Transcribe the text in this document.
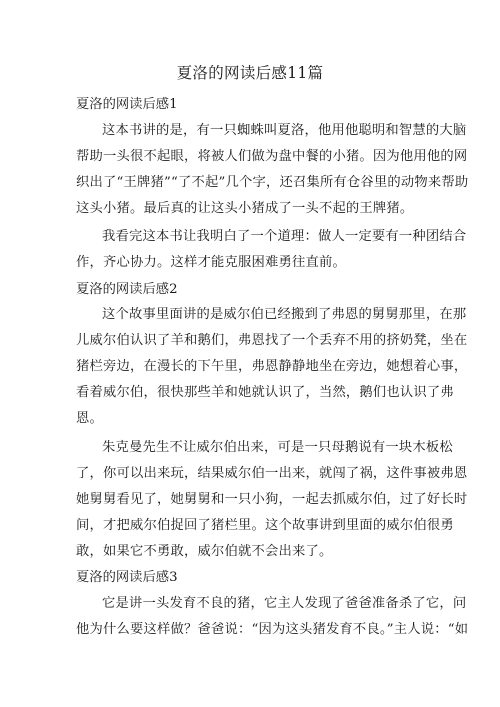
夏洛的网读后感11篇
夏洛的网读后感1
这本书讲的是，有一只蜘蛛叫夏洛，他用他聪明和智慧的大脑
帮助一头很不起眼，将被人们做为盘中餐的小猪。因为他用他的网
织出了“王牌猪”“了不起”几个字，还召集所有仓谷里的动物来帮助
这头小猪。最后真的让这头小猪成了一头不起的王牌猪。
我看完这本书让我明白了一个道理：做人一定要有一种团结合
作，齐心协力。这样才能克服困难勇往直前。
夏洛的网读后感2
这个故事里面讲的是威尔伯已经搬到了弗恩的舅舅那里，在那
儿威尔伯认识了羊和鹅们，弗恩找了一个丢弃不用的挤奶凳，坐在
猪栏旁边，在漫长的下午里，弗恩静静地坐在旁边，她想着心事，
看着威尔伯，很快那些羊和她就认识了，当然，鹅们也认识了弗
恩。
朱克曼先生不让威尔伯出来，可是一只母鹅说有一块木板松
了，你可以出来玩，结果威尔伯一出来，就闯了祸，这件事被弗恩
她舅舅看见了，她舅舅和一只小狗，一起去抓威尔伯，过了好长时
间，才把威尔伯捉回了猪栏里。这个故事讲到里面的威尔伯很勇
敢，如果它不勇敢，威尔伯就不会出来了。
夏洛的网读后感3
它是讲一头发育不良的猪，它主人发现了爸爸准备杀了它，问
他为什么要这样做？爸爸说：“因为这头猪发育不良。”主人说：“如
